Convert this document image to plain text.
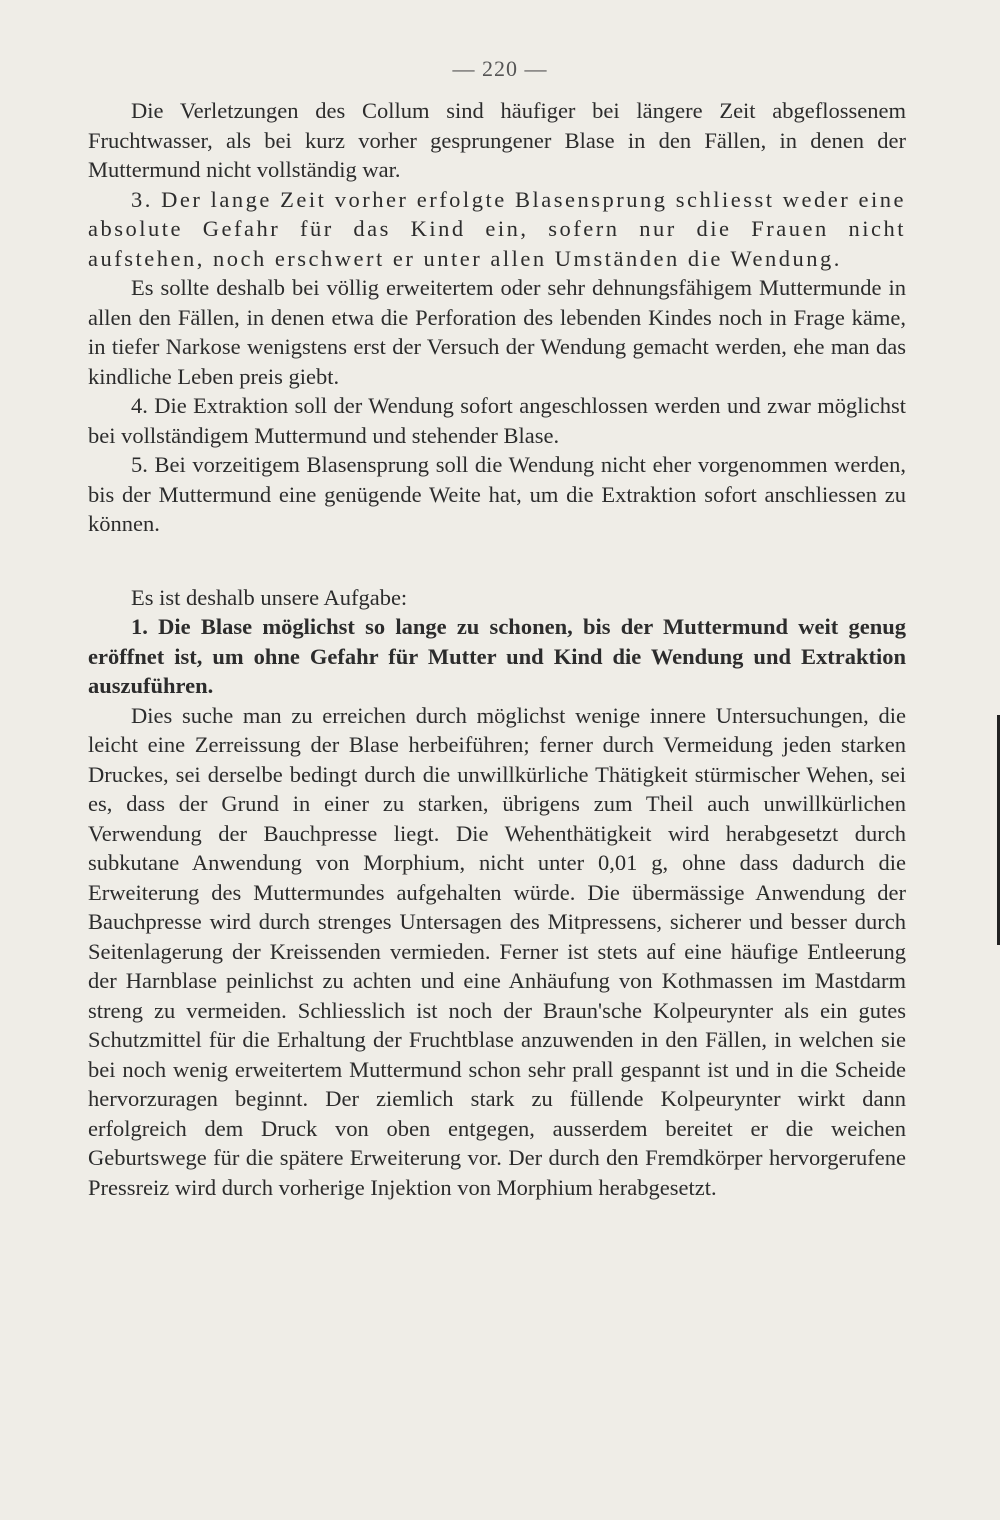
— 220 —

Die Verletzungen des Collum sind häufiger bei längere Zeit abgeflossenem Fruchtwasser, als bei kurz vorher gesprungener Blase in den Fällen, in denen der Muttermund nicht vollständig war.

3. Der lange Zeit vorher erfolgte Blasensprung schliesst weder eine absolute Gefahr für das Kind ein, sofern nur die Frauen nicht aufstehen, noch erschwert er unter allen Umständen die Wendung.

Es sollte deshalb bei völlig erweitertem oder sehr dehnungsfähigem Muttermunde in allen den Fällen, in denen etwa die Perforation des lebenden Kindes noch in Frage käme, in tiefer Narkose wenigstens erst der Versuch der Wendung gemacht werden, ehe man das kindliche Leben preis giebt.

4. Die Extraktion soll der Wendung sofort angeschlossen werden und zwar möglichst bei vollständigem Muttermund und stehender Blase.

5. Bei vorzeitigem Blasensprung soll die Wendung nicht eher vorgenommen werden, bis der Muttermund eine genügende Weite hat, um die Extraktion sofort anschliessen zu können.

Es ist deshalb unsere Aufgabe:

1. Die Blase möglichst so lange zu schonen, bis der Muttermund weit genug eröffnet ist, um ohne Gefahr für Mutter und Kind die Wendung und Extraktion auszuführen.

Dies suche man zu erreichen durch möglichst wenige innere Untersuchungen, die leicht eine Zerreissung der Blase herbeiführen; ferner durch Vermeidung jeden starken Druckes, sei derselbe bedingt durch die unwillkürliche Thätigkeit stürmischer Wehen, sei es, dass der Grund in einer zu starken, übrigens zum Theil auch unwillkürlichen Verwendung der Bauchpresse liegt. Die Wehenthätigkeit wird herabgesetzt durch subkutane Anwendung von Morphium, nicht unter 0,01 g, ohne dass dadurch die Erweiterung des Muttermundes aufgehalten würde. Die übermässige Anwendung der Bauchpresse wird durch strenges Untersagen des Mitpressens, sicherer und besser durch Seitenlagerung der Kreissenden vermieden. Ferner ist stets auf eine häufige Entleerung der Harnblase peinlichst zu achten und eine Anhäufung von Kothmassen im Mastdarm streng zu vermeiden. Schliesslich ist noch der Braun'sche Kolpeurynter als ein gutes Schutzmittel für die Erhaltung der Fruchtblase anzuwenden in den Fällen, in welchen sie bei noch wenig erweitertem Muttermund schon sehr prall gespannt ist und in die Scheide hervorzuragen beginnt. Der ziemlich stark zu füllende Kolpeurynter wirkt dann erfolgreich dem Druck von oben entgegen, ausserdem bereitet er die weichen Geburtswege für die spätere Erweiterung vor. Der durch den Fremdkörper hervorgerufene Pressreiz wird durch vorherige Injektion von Morphium herabgesetzt.
